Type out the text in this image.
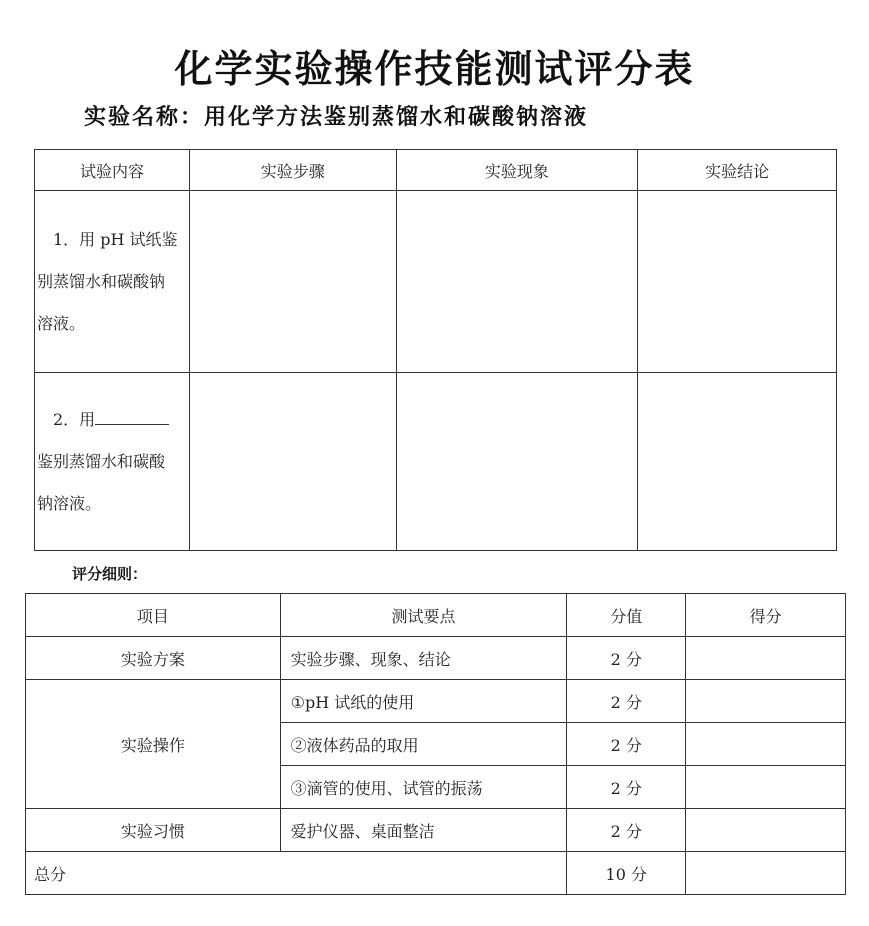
化学实验操作技能测试评分表
实验名称：用化学方法鉴别蒸馏水和碳酸钠溶液
试验内容	实验步骤	实验现象	实验结论
1．用 pH 试纸鉴
别蒸馏水和碳酸钠
溶液。			
2．用
鉴别蒸馏水和碳酸
钠溶液。			
评分细则：
项目	测试要点	分值	得分
实验方案	实验步骤、现象、结论	2 分	
实验操作	①pH 试纸的使用	2 分	
	②液体药品的取用	2 分	
	③滴管的使用、试管的振荡	2 分	
实验习惯	爱护仪器、桌面整洁	2 分	
总分		10 分	
